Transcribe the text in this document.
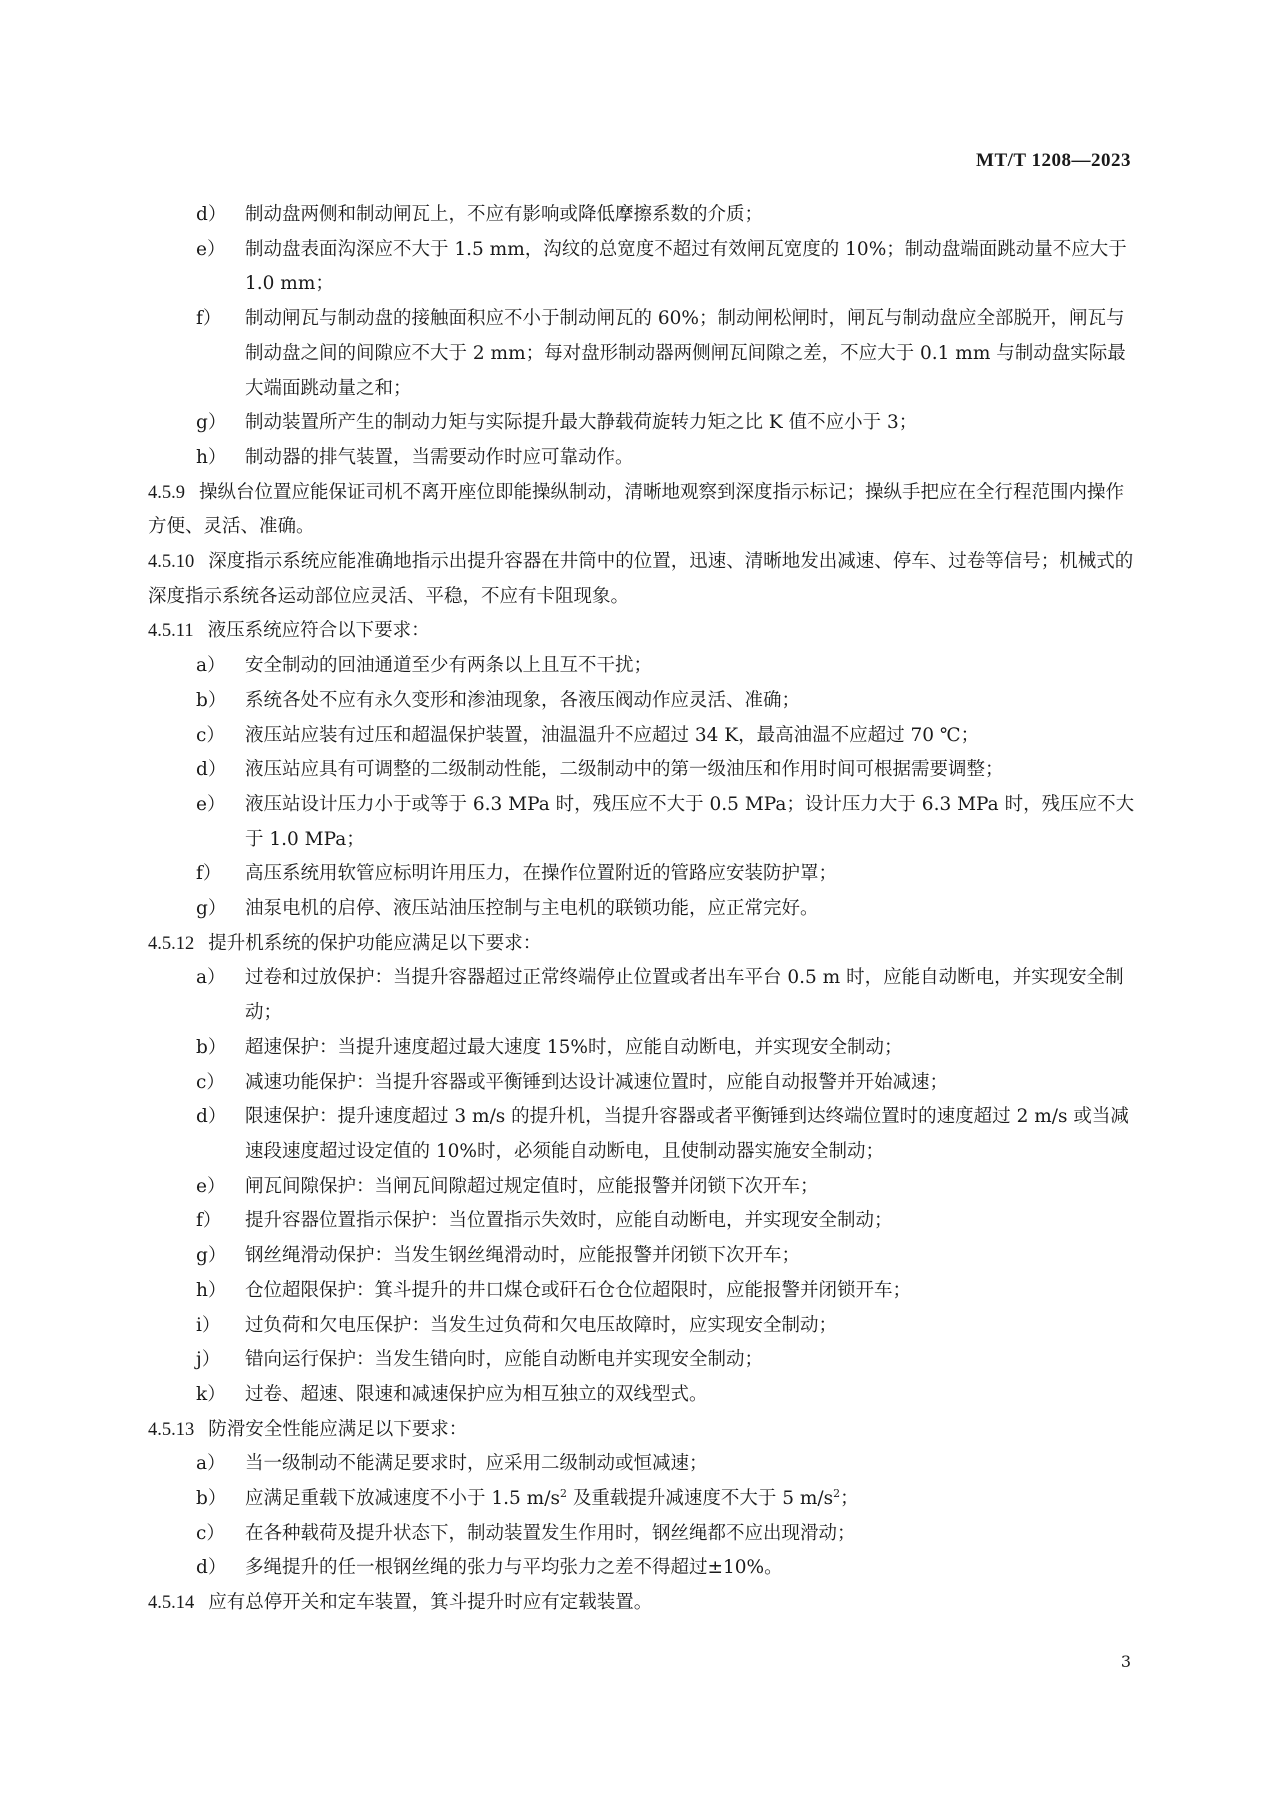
MT/T 1208—2023
d） 制动盘两侧和制动闸瓦上，不应有影响或降低摩擦系数的介质；
e） 制动盘表面沟深应不大于 1.5 mm，沟纹的总宽度不超过有效闸瓦宽度的 10%；制动盘端面跳动量不应大于 1.0 mm；
f） 制动闸瓦与制动盘的接触面积应不小于制动闸瓦的 60%；制动闸松闸时，闸瓦与制动盘应全部脱开，闸瓦与制动盘之间的间隙应不大于 2 mm；每对盘形制动器两侧闸瓦间隙之差，不应大于 0.1 mm 与制动盘实际最大端面跳动量之和；
g） 制动装置所产生的制动力矩与实际提升最大静载荷旋转力矩之比 K 值不应小于 3；
h） 制动器的排气装置，当需要动作时应可靠动作。
4.5.9 操纵台位置应能保证司机不离开座位即能操纵制动，清晰地观察到深度指示标记；操纵手把应在全行程范围内操作方便、灵活、准确。
4.5.10 深度指示系统应能准确地指示出提升容器在井筒中的位置，迅速、清晰地发出减速、停车、过卷等信号；机械式的深度指示系统各运动部位应灵活、平稳，不应有卡阻现象。
4.5.11 液压系统应符合以下要求：
a） 安全制动的回油通道至少有两条以上且互不干扰；
b） 系统各处不应有永久变形和渗油现象，各液压阀动作应灵活、准确；
c） 液压站应装有过压和超温保护装置，油温温升不应超过 34 K，最高油温不应超过 70 ℃；
d） 液压站应具有可调整的二级制动性能，二级制动中的第一级油压和作用时间可根据需要调整；
e） 液压站设计压力小于或等于 6.3 MPa 时，残压应不大于 0.5 MPa；设计压力大于 6.3 MPa 时，残压应不大于 1.0 MPa；
f） 高压系统用软管应标明许用压力，在操作位置附近的管路应安装防护罩；
g） 油泵电机的启停、液压站油压控制与主电机的联锁功能，应正常完好。
4.5.12 提升机系统的保护功能应满足以下要求：
a） 过卷和过放保护：当提升容器超过正常终端停止位置或者出车平台 0.5 m 时，应能自动断电，并实现安全制动；
b） 超速保护：当提升速度超过最大速度 15%时，应能自动断电，并实现安全制动；
c） 减速功能保护：当提升容器或平衡锤到达设计减速位置时，应能自动报警并开始减速；
d） 限速保护：提升速度超过 3 m/s 的提升机，当提升容器或者平衡锤到达终端位置时的速度超过 2 m/s 或当减速段速度超过设定值的 10%时，必须能自动断电，且使制动器实施安全制动；
e） 闸瓦间隙保护：当闸瓦间隙超过规定值时，应能报警并闭锁下次开车；
f） 提升容器位置指示保护：当位置指示失效时，应能自动断电，并实现安全制动；
g） 钢丝绳滑动保护：当发生钢丝绳滑动时，应能报警并闭锁下次开车；
h） 仓位超限保护：箕斗提升的井口煤仓或矸石仓仓位超限时，应能报警并闭锁开车；
i） 过负荷和欠电压保护：当发生过负荷和欠电压故障时，应实现安全制动；
j） 错向运行保护：当发生错向时，应能自动断电并实现安全制动；
k） 过卷、超速、限速和减速保护应为相互独立的双线型式。
4.5.13 防滑安全性能应满足以下要求：
a） 当一级制动不能满足要求时，应采用二级制动或恒减速；
b） 应满足重载下放减速度不小于 1.5 $m/s^2$ 及重载提升减速度不大于 5 $m/s^2$；
c） 在各种载荷及提升状态下，制动装置发生作用时，钢丝绳都不应出现滑动；
d） 多绳提升的任一根钢丝绳的张力与平均张力之差不得超过±10%。
4.5.14 应有总停开关和定车装置，箕斗提升时应有定载装置。
3
